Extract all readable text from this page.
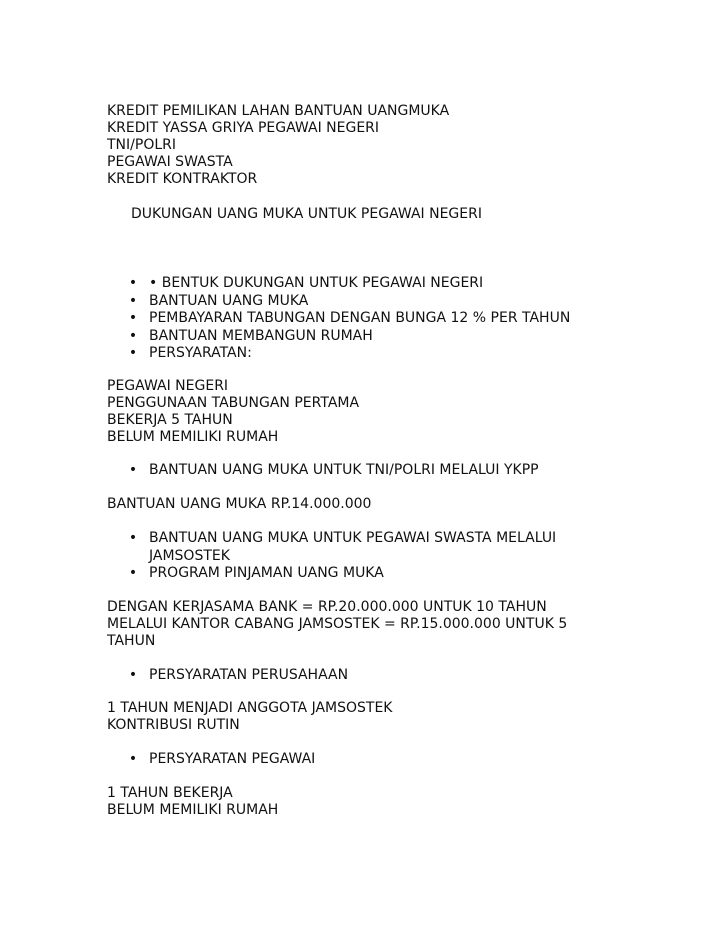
KREDIT PEMILIKAN LAHAN BANTUAN UANGMUKA
KREDIT YASSA GRIYA PEGAWAI NEGERI
TNI/POLRI
PEGAWAI SWASTA
KREDIT KONTRAKTOR
DUKUNGAN UANG MUKA UNTUK PEGAWAI NEGERI
• • BENTUK DUKUNGAN UNTUK PEGAWAI NEGERI
• BANTUAN UANG MUKA
• PEMBAYARAN TABUNGAN DENGAN BUNGA 12 % PER TAHUN
• BANTUAN MEMBANGUN RUMAH
• PERSYARATAN:
PEGAWAI NEGERI
PENGGUNAAN TABUNGAN PERTAMA
BEKERJA 5 TAHUN
BELUM MEMILIKI RUMAH
• BANTUAN UANG MUKA UNTUK TNI/POLRI MELALUI YKPP
BANTUAN UANG MUKA RP.14.000.000
• BANTUAN UANG MUKA UNTUK PEGAWAI SWASTA MELALUI JAMSOSTEK
• PROGRAM PINJAMAN UANG MUKA
DENGAN KERJASAMA BANK = RP.20.000.000 UNTUK 10 TAHUN
MELALUI KANTOR CABANG JAMSOSTEK = RP.15.000.000 UNTUK 5 TAHUN
• PERSYARATAN PERUSAHAAN
1 TAHUN MENJADI ANGGOTA JAMSOSTEK
KONTRIBUSI RUTIN
• PERSYARATAN PEGAWAI
1 TAHUN BEKERJA
BELUM MEMILIKI RUMAH
